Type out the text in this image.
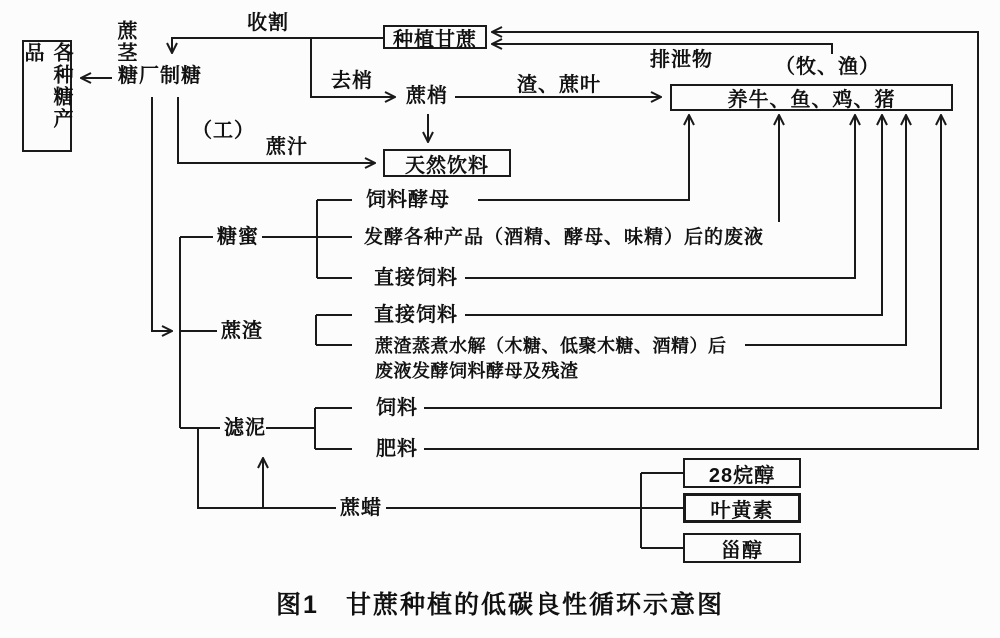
各种糖产品
种植甘蔗
养牛、鱼、鸡、猪
天然饮料
28烷醇
叶黄素
甾醇
蔗茎	收割
糖厂制糖	去梢
蔗梢	渣、蔗叶
排泄物	（牧、渔）
（工）
蔗汁
饲料酵母
糖蜜	发酵各种产品（酒精、酵母、味精）后的废液
直接饲料
蔗渣
直接饲料
蔗渣蒸煮水解（木糖、低聚木糖、酒精）后废液发酵饲料酵母及残渣
滤泥
饲料
肥料
蔗蜡
图1　甘蔗种植的低碳良性循环示意图
